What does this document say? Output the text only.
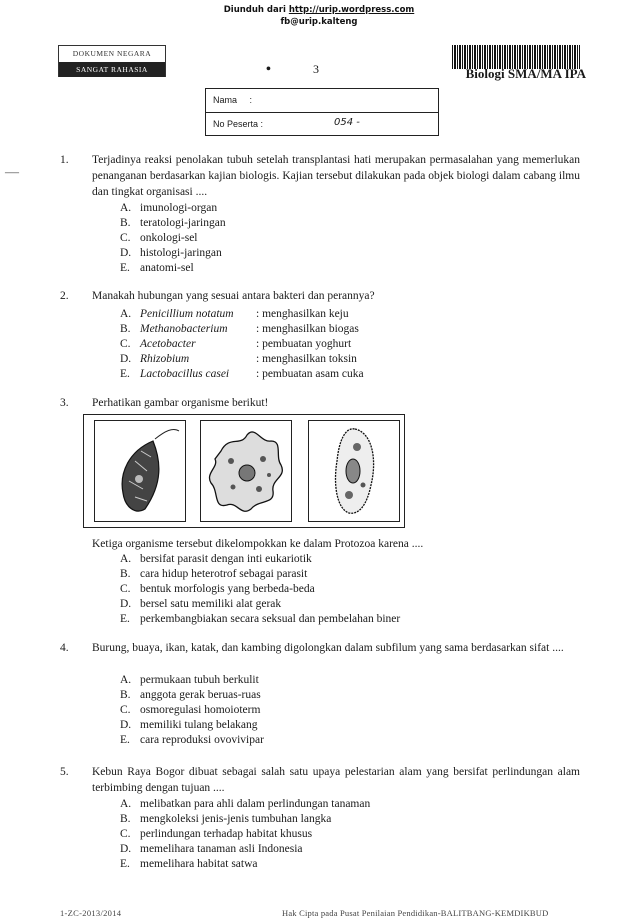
Diunduh dari http://urip.wordpress.com
fb@urip.kalteng
DOKUMEN NEGARA
SANGAT RAHASIA	•	3	Biologi SMA/MA IPA
Nama :
No Peserta :	054 -
—
1. Terjadinya reaksi penolakan tubuh setelah transplantasi hati merupakan permasalahan yang memerlukan penanganan berdasarkan kajian biologis. Kajian tersebut dilakukan pada objek biologi dalam cabang ilmu dan tingkat organisasi ....
A. imunologi-organ
B. teratologi-jaringan
C. onkologi-sel
D. histologi-jaringan
E. anatomi-sel
2. Manakah hubungan yang sesuai antara bakteri dan perannya?
A. Penicillium notatum : menghasilkan keju
B. Methanobacterium : menghasilkan biogas
C. Acetobacter	: pembuatan yoghurt
D. Rhizobium	: menghasilkan toksin
E. Lactobacillus casei : pembuatan asam cuka
3. Perhatikan gambar organisme berikut!
Ketiga organisme tersebut dikelompokkan ke dalam Protozoa karena ....
A. bersifat parasit dengan inti eukariotik
B. cara hidup heterotrof sebagai parasit
C. bentuk morfologis yang berbeda-beda
D. bersel satu memiliki alat gerak
E. perkembangbiakan secara seksual dan pembelahan biner
4. Burung, buaya, ikan, katak, dan kambing digolongkan dalam subfilum yang sama berdasarkan sifat ....
A. permukaan tubuh berkulit
B. anggota gerak beruas-ruas
C. osmoregulasi homoioterm
D. memiliki tulang belakang
E. cara reproduksi ovovivipar
5. Kebun Raya Bogor dibuat sebagai salah satu upaya pelestarian alam yang bersifat perlindungan alam terbimbing dengan tujuan ....
A. melibatkan para ahli dalam perlindungan tanaman
B. mengkoleksi jenis-jenis tumbuhan langka
C. perlindungan terhadap habitat khusus
D. memelihara tanaman asli Indonesia
E. memelihara habitat satwa
1-ZC-2013/2014	Hak Cipta pada Pusat Penilaian Pendidikan-BALITBANG-KEMDIKBUD
